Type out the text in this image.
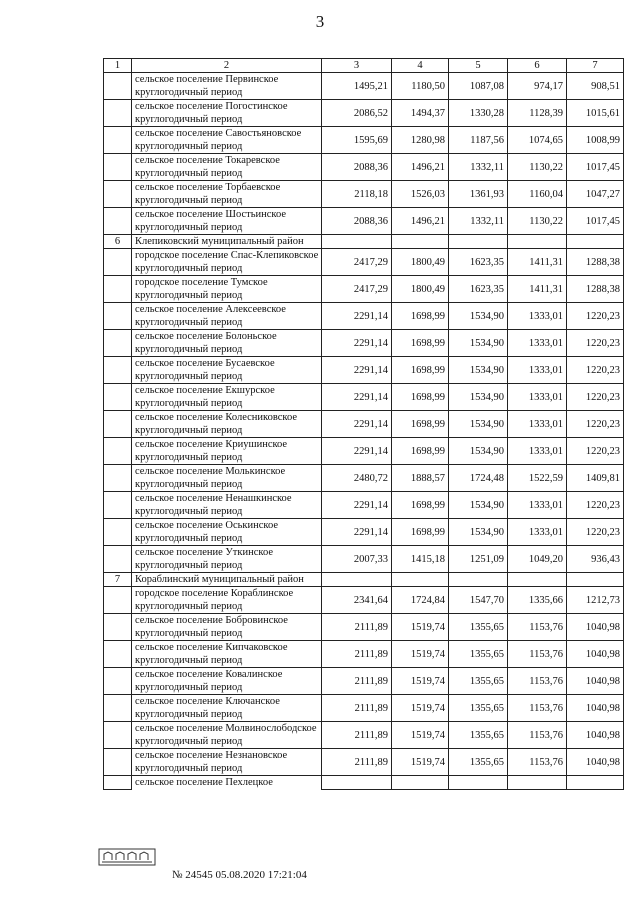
3
1	2	3	4	5	6	7
	сельское поселение Первинское	1495,21	1180,50	1087,08	974,17	908,51
	круглогодичный период					
	сельское поселение Погостинское	2086,52	1494,37	1330,28	1128,39	1015,61
	круглогодичный период					
	сельское поселение Савостьяновское	1595,69	1280,98	1187,56	1074,65	1008,99
	круглогодичный период					
	сельское поселение Токаревское	2088,36	1496,21	1332,11	1130,22	1017,45
	круглогодичный период					
	сельское поселение Торбаевское	2118,18	1526,03	1361,93	1160,04	1047,27
	круглогодичный период					
	сельское поселение Шостьинское	2088,36	1496,21	1332,11	1130,22	1017,45
	круглогодичный период					
6	Клепиковский муниципальный район					
	городское поселение Спас-Клепиковское	2417,29	1800,49	1623,35	1411,31	1288,38
	круглогодичный период					
	городское поселение Тумское	2417,29	1800,49	1623,35	1411,31	1288,38
	круглогодичный период					
	сельское поселение Алексеевское	2291,14	1698,99	1534,90	1333,01	1220,23
	круглогодичный период					
	сельское поселение Болоньское	2291,14	1698,99	1534,90	1333,01	1220,23
	круглогодичный период					
	сельское поселение Бусаевское	2291,14	1698,99	1534,90	1333,01	1220,23
	круглогодичный период					
	сельское поселение Екшурское	2291,14	1698,99	1534,90	1333,01	1220,23
	круглогодичный период					
	сельское поселение Колесниковское	2291,14	1698,99	1534,90	1333,01	1220,23
	круглогодичный период					
	сельское поселение Криушинское	2291,14	1698,99	1534,90	1333,01	1220,23
	круглогодичный период					
	сельское поселение Молькинское	2480,72	1888,57	1724,48	1522,59	1409,81
	круглогодичный период					
	сельское поселение Ненашкинское	2291,14	1698,99	1534,90	1333,01	1220,23
	круглогодичный период					
	сельское поселение Оськинское	2291,14	1698,99	1534,90	1333,01	1220,23
	круглогодичный период					
	сельское поселение Уткинское	2007,33	1415,18	1251,09	1049,20	936,43
	круглогодичный период					
7	Кораблинский муниципальный район					
	городское поселение Кораблинское	2341,64	1724,84	1547,70	1335,66	1212,73
	круглогодичный период					
	сельское поселение Бобровинское	2111,89	1519,74	1355,65	1153,76	1040,98
	круглогодичный период					
	сельское поселение Кипчаковское	2111,89	1519,74	1355,65	1153,76	1040,98
	круглогодичный период					
	сельское поселение Ковалинское	2111,89	1519,74	1355,65	1153,76	1040,98
	круглогодичный период					
	сельское поселение Ключанское	2111,89	1519,74	1355,65	1153,76	1040,98
	круглогодичный период					
	сельское поселение Молвинослободское	2111,89	1519,74	1355,65	1153,76	1040,98
	круглогодичный период					
	сельское поселение Незнановское	2111,89	1519,74	1355,65	1153,76	1040,98
	круглогодичный период					
	сельское поселение Пехлецкое					
№ 24545 05.08.2020 17:21:04
